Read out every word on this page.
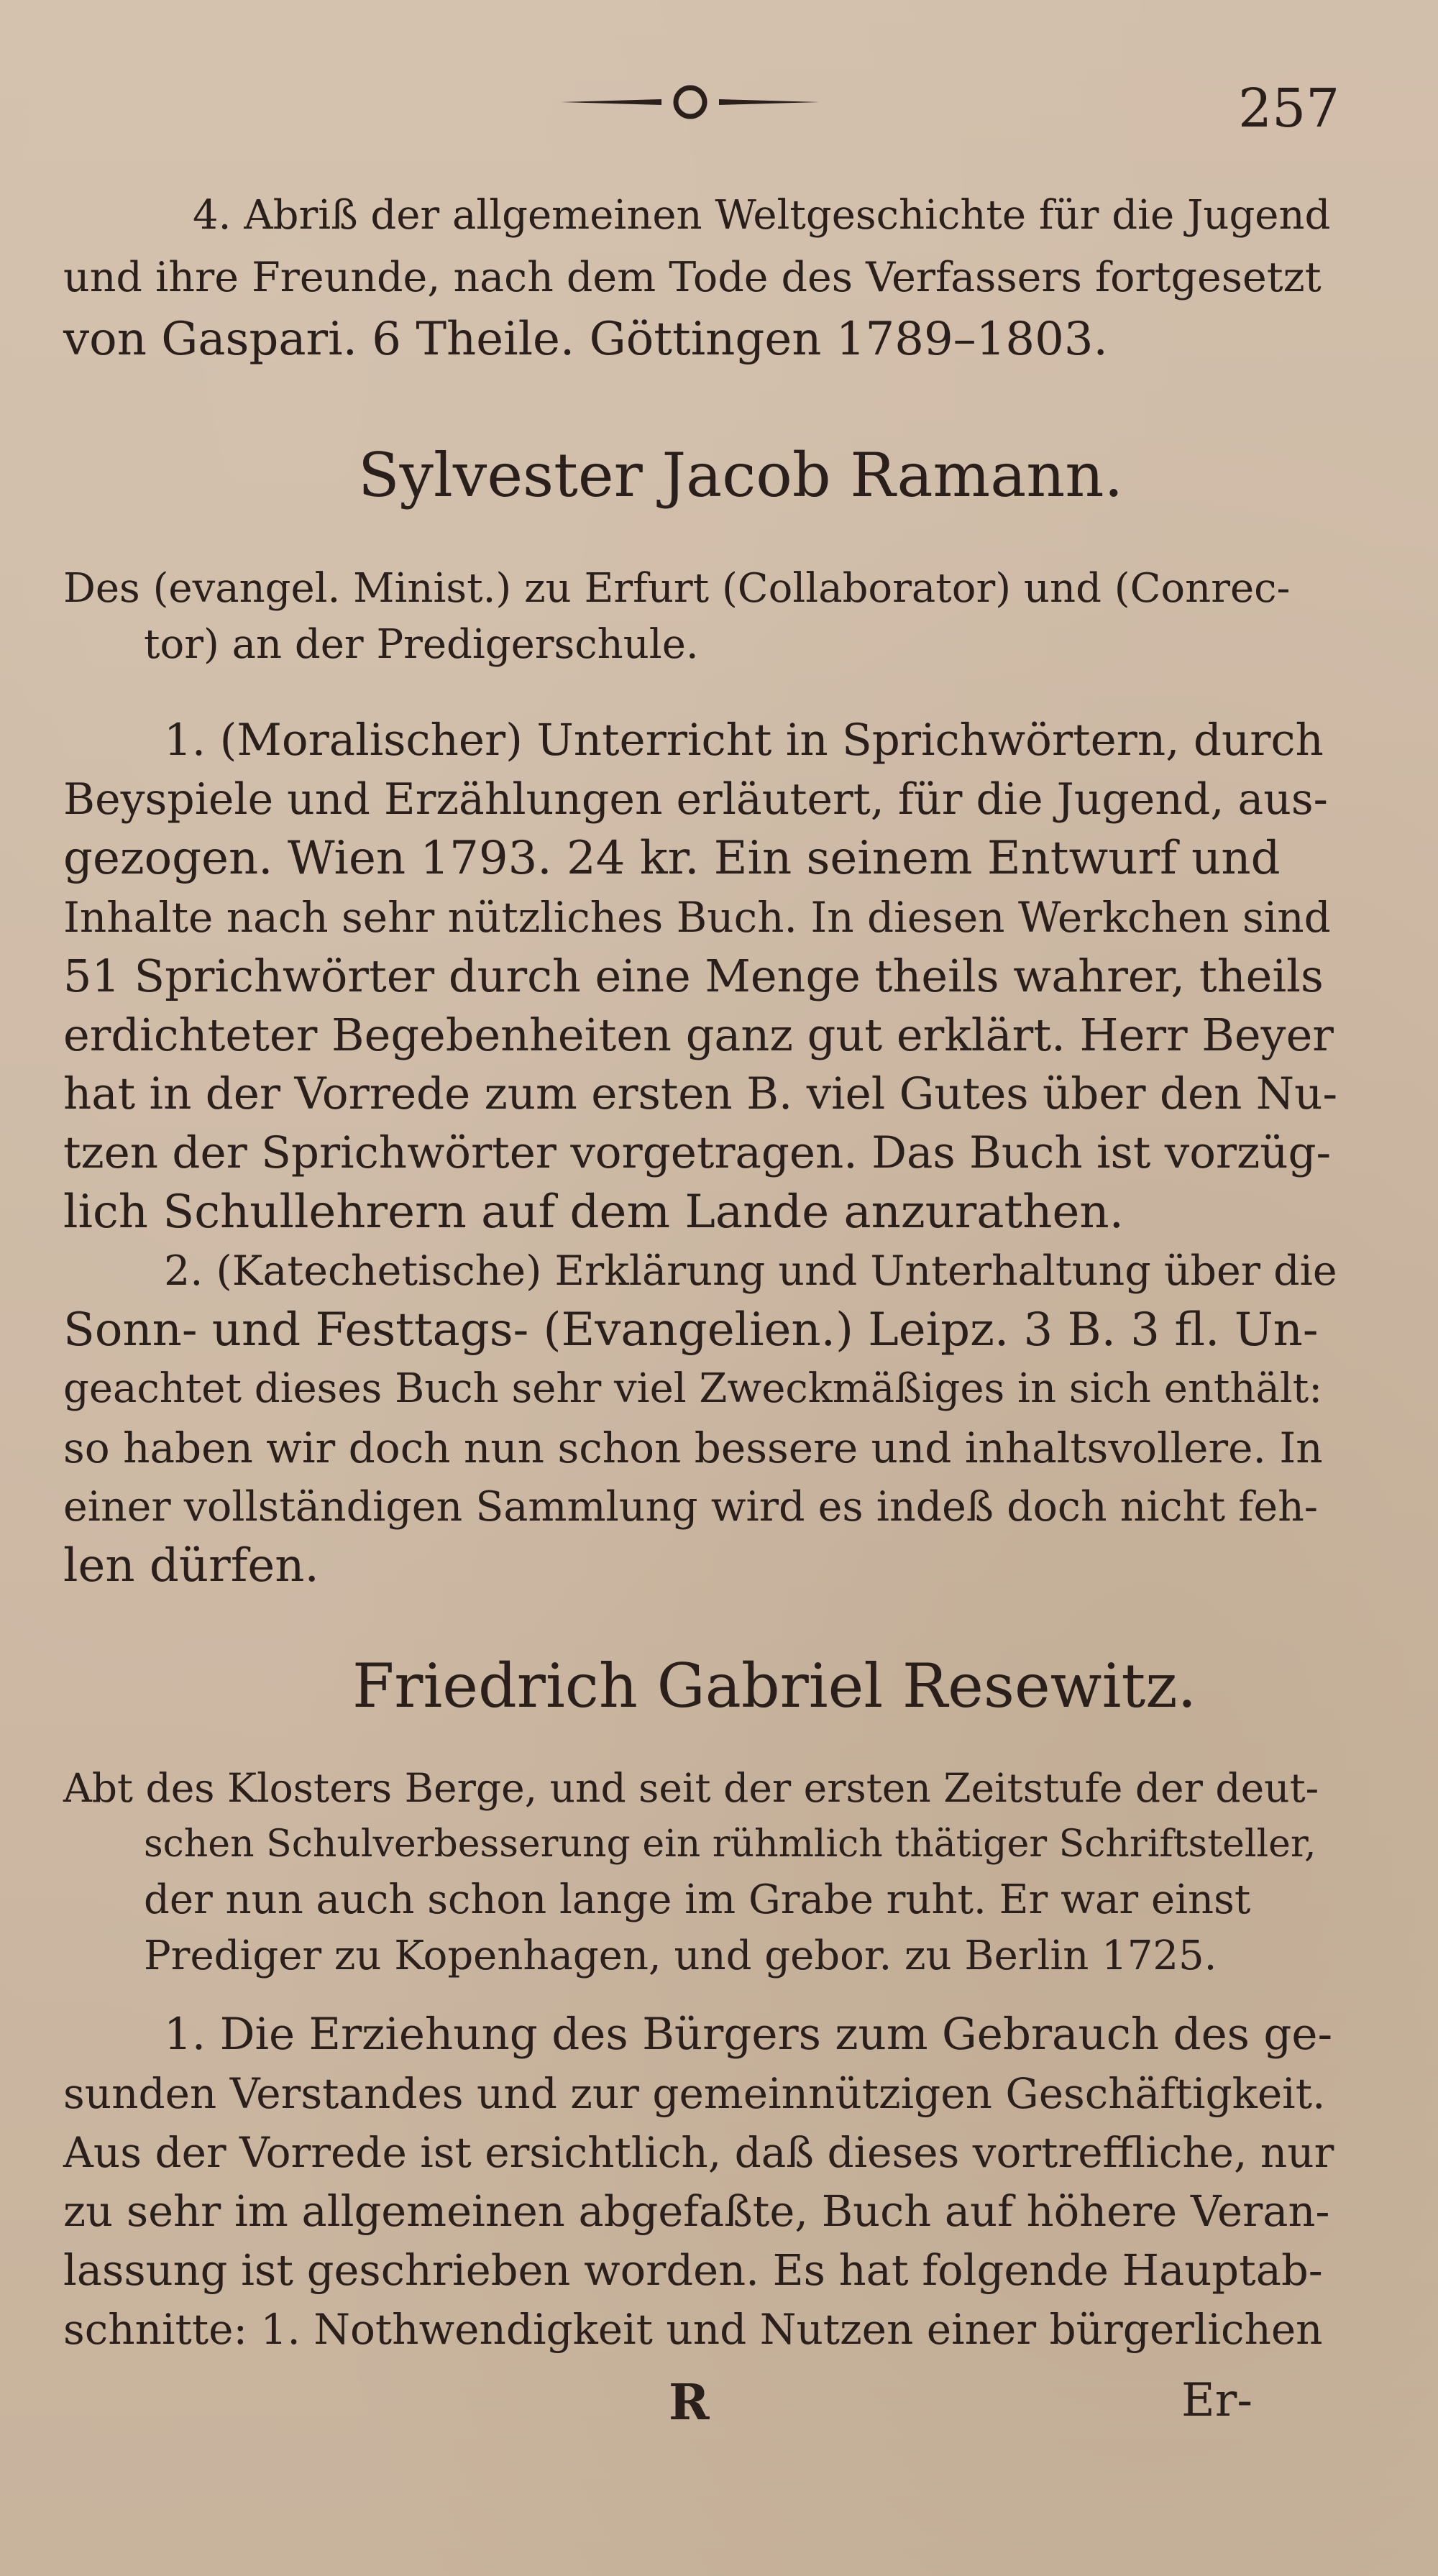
257
4. Abriß der allgemeinen Weltgeschichte für die Jugend
und ihre Freunde, nach dem Tode des Verfassers fortgesetzt
von Gaspari. 6 Theile. Göttingen 1789–1803.
Sylvester Jacob Ramann.
Des (evangel. Minist.) zu Erfurt (Collaborator) und (Conrec-
tor) an der Predigerschule.
1. (Moralischer) Unterricht in Sprichwörtern, durch
Beyspiele und Erzählungen erläutert, für die Jugend, aus-
gezogen. Wien 1793. 24 kr. Ein seinem Entwurf und
Inhalte nach sehr nützliches Buch. In diesen Werkchen sind
51 Sprichwörter durch eine Menge theils wahrer, theils
erdichteter Begebenheiten ganz gut erklärt. Herr Beyer
hat in der Vorrede zum ersten B. viel Gutes über den Nu-
tzen der Sprichwörter vorgetragen. Das Buch ist vorzüg-
lich Schullehrern auf dem Lande anzurathen.
2. (Katechetische) Erklärung und Unterhaltung über die
Sonn- und Festtags- (Evangelien.) Leipz. 3 B. 3 fl. Un-
geachtet dieses Buch sehr viel Zweckmäßiges in sich enthält:
so haben wir doch nun schon bessere und inhaltsvollere. In
einer vollständigen Sammlung wird es indeß doch nicht feh-
len dürfen.
Friedrich Gabriel Resewitz.
Abt des Klosters Berge, und seit der ersten Zeitstufe der deut-
schen Schulverbesserung ein rühmlich thätiger Schriftsteller,
der nun auch schon lange im Grabe ruht. Er war einst
Prediger zu Kopenhagen, und gebor. zu Berlin 1725.
1. Die Erziehung des Bürgers zum Gebrauch des ge-
sunden Verstandes und zur gemeinnützigen Geschäftigkeit.
Aus der Vorrede ist ersichtlich, daß dieses vortreffliche, nur
zu sehr im allgemeinen abgefaßte, Buch auf höhere Veran-
lassung ist geschrieben worden. Es hat folgende Hauptab-
schnitte: 1. Nothwendigkeit und Nutzen einer bürgerlichen
R	Er-
